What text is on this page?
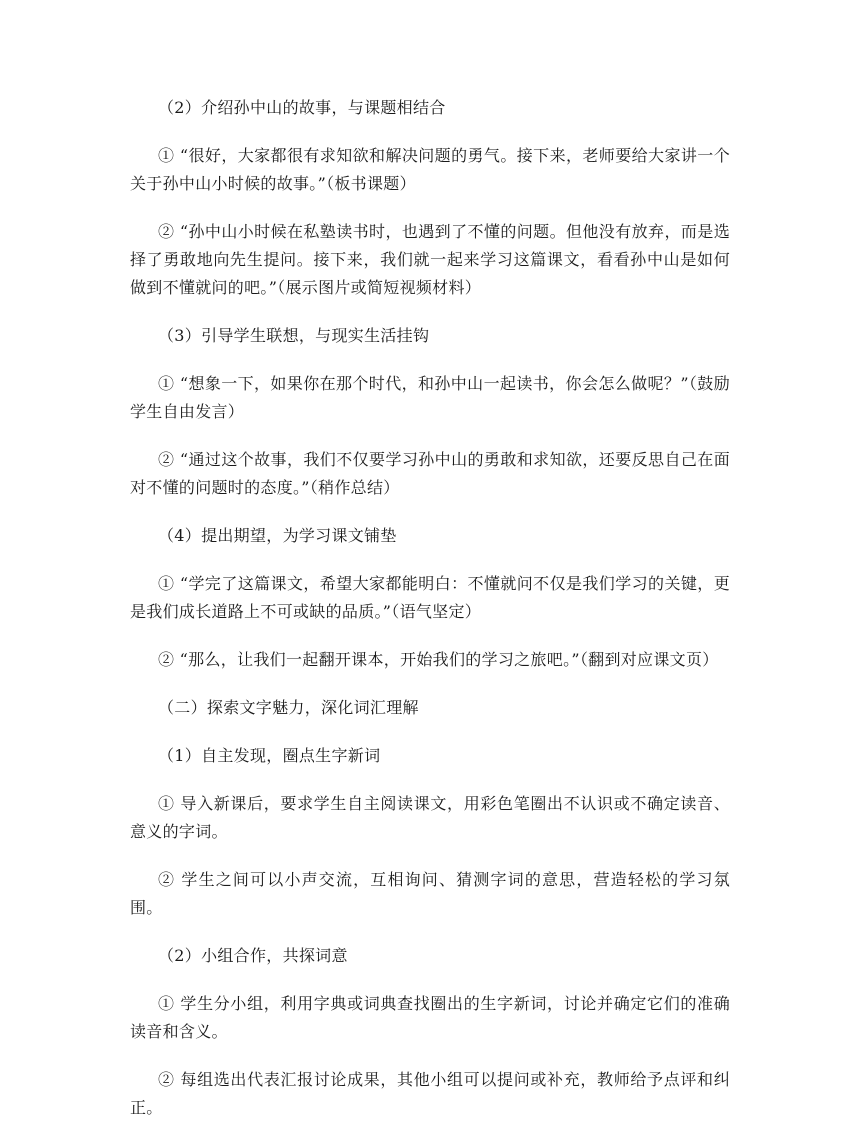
（2）介绍孙中山的故事，与课题相结合

① “很好，大家都很有求知欲和解决问题的勇气。接下来，老师要给大家讲一个关于孙中山小时候的故事。”（板书课题）

② “孙中山小时候在私塾读书时，也遇到了不懂的问题。但他没有放弃，而是选择了勇敢地向先生提问。接下来，我们就一起来学习这篇课文，看看孙中山是如何做到不懂就问的吧。”（展示图片或简短视频材料）

（3）引导学生联想，与现实生活挂钩

① “想象一下，如果你在那个时代，和孙中山一起读书，你会怎么做呢？”（鼓励学生自由发言）

② “通过这个故事，我们不仅要学习孙中山的勇敢和求知欲，还要反思自己在面对不懂的问题时的态度。”（稍作总结）

（4）提出期望，为学习课文铺垫

① “学完了这篇课文，希望大家都能明白：不懂就问不仅是我们学习的关键，更是我们成长道路上不可或缺的品质。”（语气坚定）

② “那么，让我们一起翻开课本，开始我们的学习之旅吧。”（翻到对应课文页）

（二）探索文字魅力，深化词汇理解

（1）自主发现，圈点生字新词

① 导入新课后，要求学生自主阅读课文，用彩色笔圈出不认识或不确定读音、意义的字词。

② 学生之间可以小声交流，互相询问、猜测字词的意思，营造轻松的学习氛围。

（2）小组合作，共探词意

① 学生分小组，利用字典或词典查找圈出的生字新词，讨论并确定它们的准确读音和含义。

② 每组选出代表汇报讨论成果，其他小组可以提问或补充，教师给予点评和纠正。
